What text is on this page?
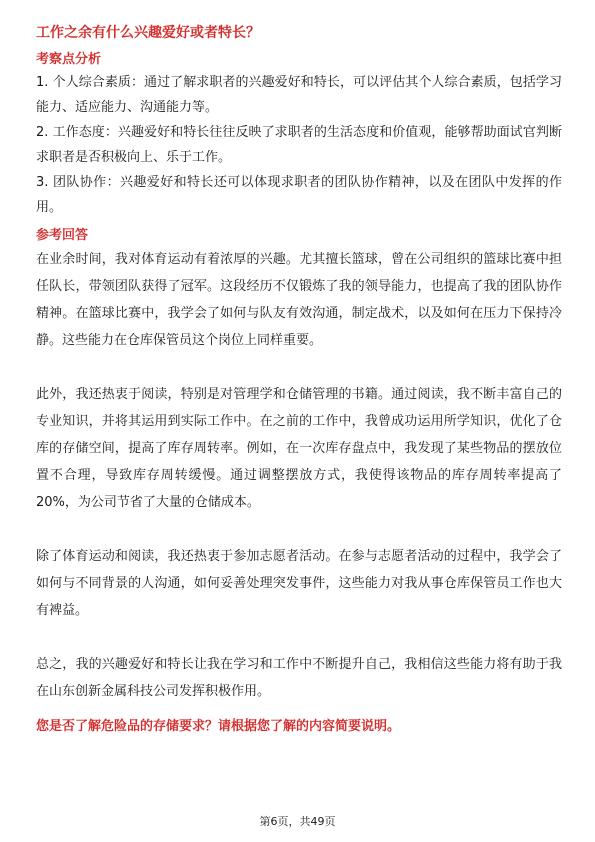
工作之余有什么兴趣爱好或者特长？

考察点分析

1. 个人综合素质：通过了解求职者的兴趣爱好和特长，可以评估其个人综合素质，包括学习能力、适应能力、沟通能力等。

2. 工作态度：兴趣爱好和特长往往反映了求职者的生活态度和价值观，能够帮助面试官判断求职者是否积极向上、乐于工作。

3. 团队协作：兴趣爱好和特长还可以体现求职者的团队协作精神，以及在团队中发挥的作用。

参考回答

在业余时间，我对体育运动有着浓厚的兴趣。尤其擅长篮球，曾在公司组织的篮球比赛中担任队长，带领团队获得了冠军。这段经历不仅锻炼了我的领导能力，也提高了我的团队协作精神。在篮球比赛中，我学会了如何与队友有效沟通，制定战术，以及如何在压力下保持冷静。这些能力在仓库保管员这个岗位上同样重要。

此外，我还热衷于阅读，特别是对管理学和仓储管理的书籍。通过阅读，我不断丰富自己的专业知识，并将其运用到实际工作中。在之前的工作中，我曾成功运用所学知识，优化了仓库的存储空间，提高了库存周转率。例如，在一次库存盘点中，我发现了某些物品的摆放位置不合理，导致库存周转缓慢。通过调整摆放方式，我使得该物品的库存周转率提高了20%，为公司节省了大量的仓储成本。

除了体育运动和阅读，我还热衷于参加志愿者活动。在参与志愿者活动的过程中，我学会了如何与不同背景的人沟通，如何妥善处理突发事件，这些能力对我从事仓库保管员工作也大有裨益。

总之，我的兴趣爱好和特长让我在学习和工作中不断提升自己，我相信这些能力将有助于我在山东创新金属科技公司发挥积极作用。

您是否了解危险品的存储要求？请根据您了解的内容简要说明。

第6页，共49页
